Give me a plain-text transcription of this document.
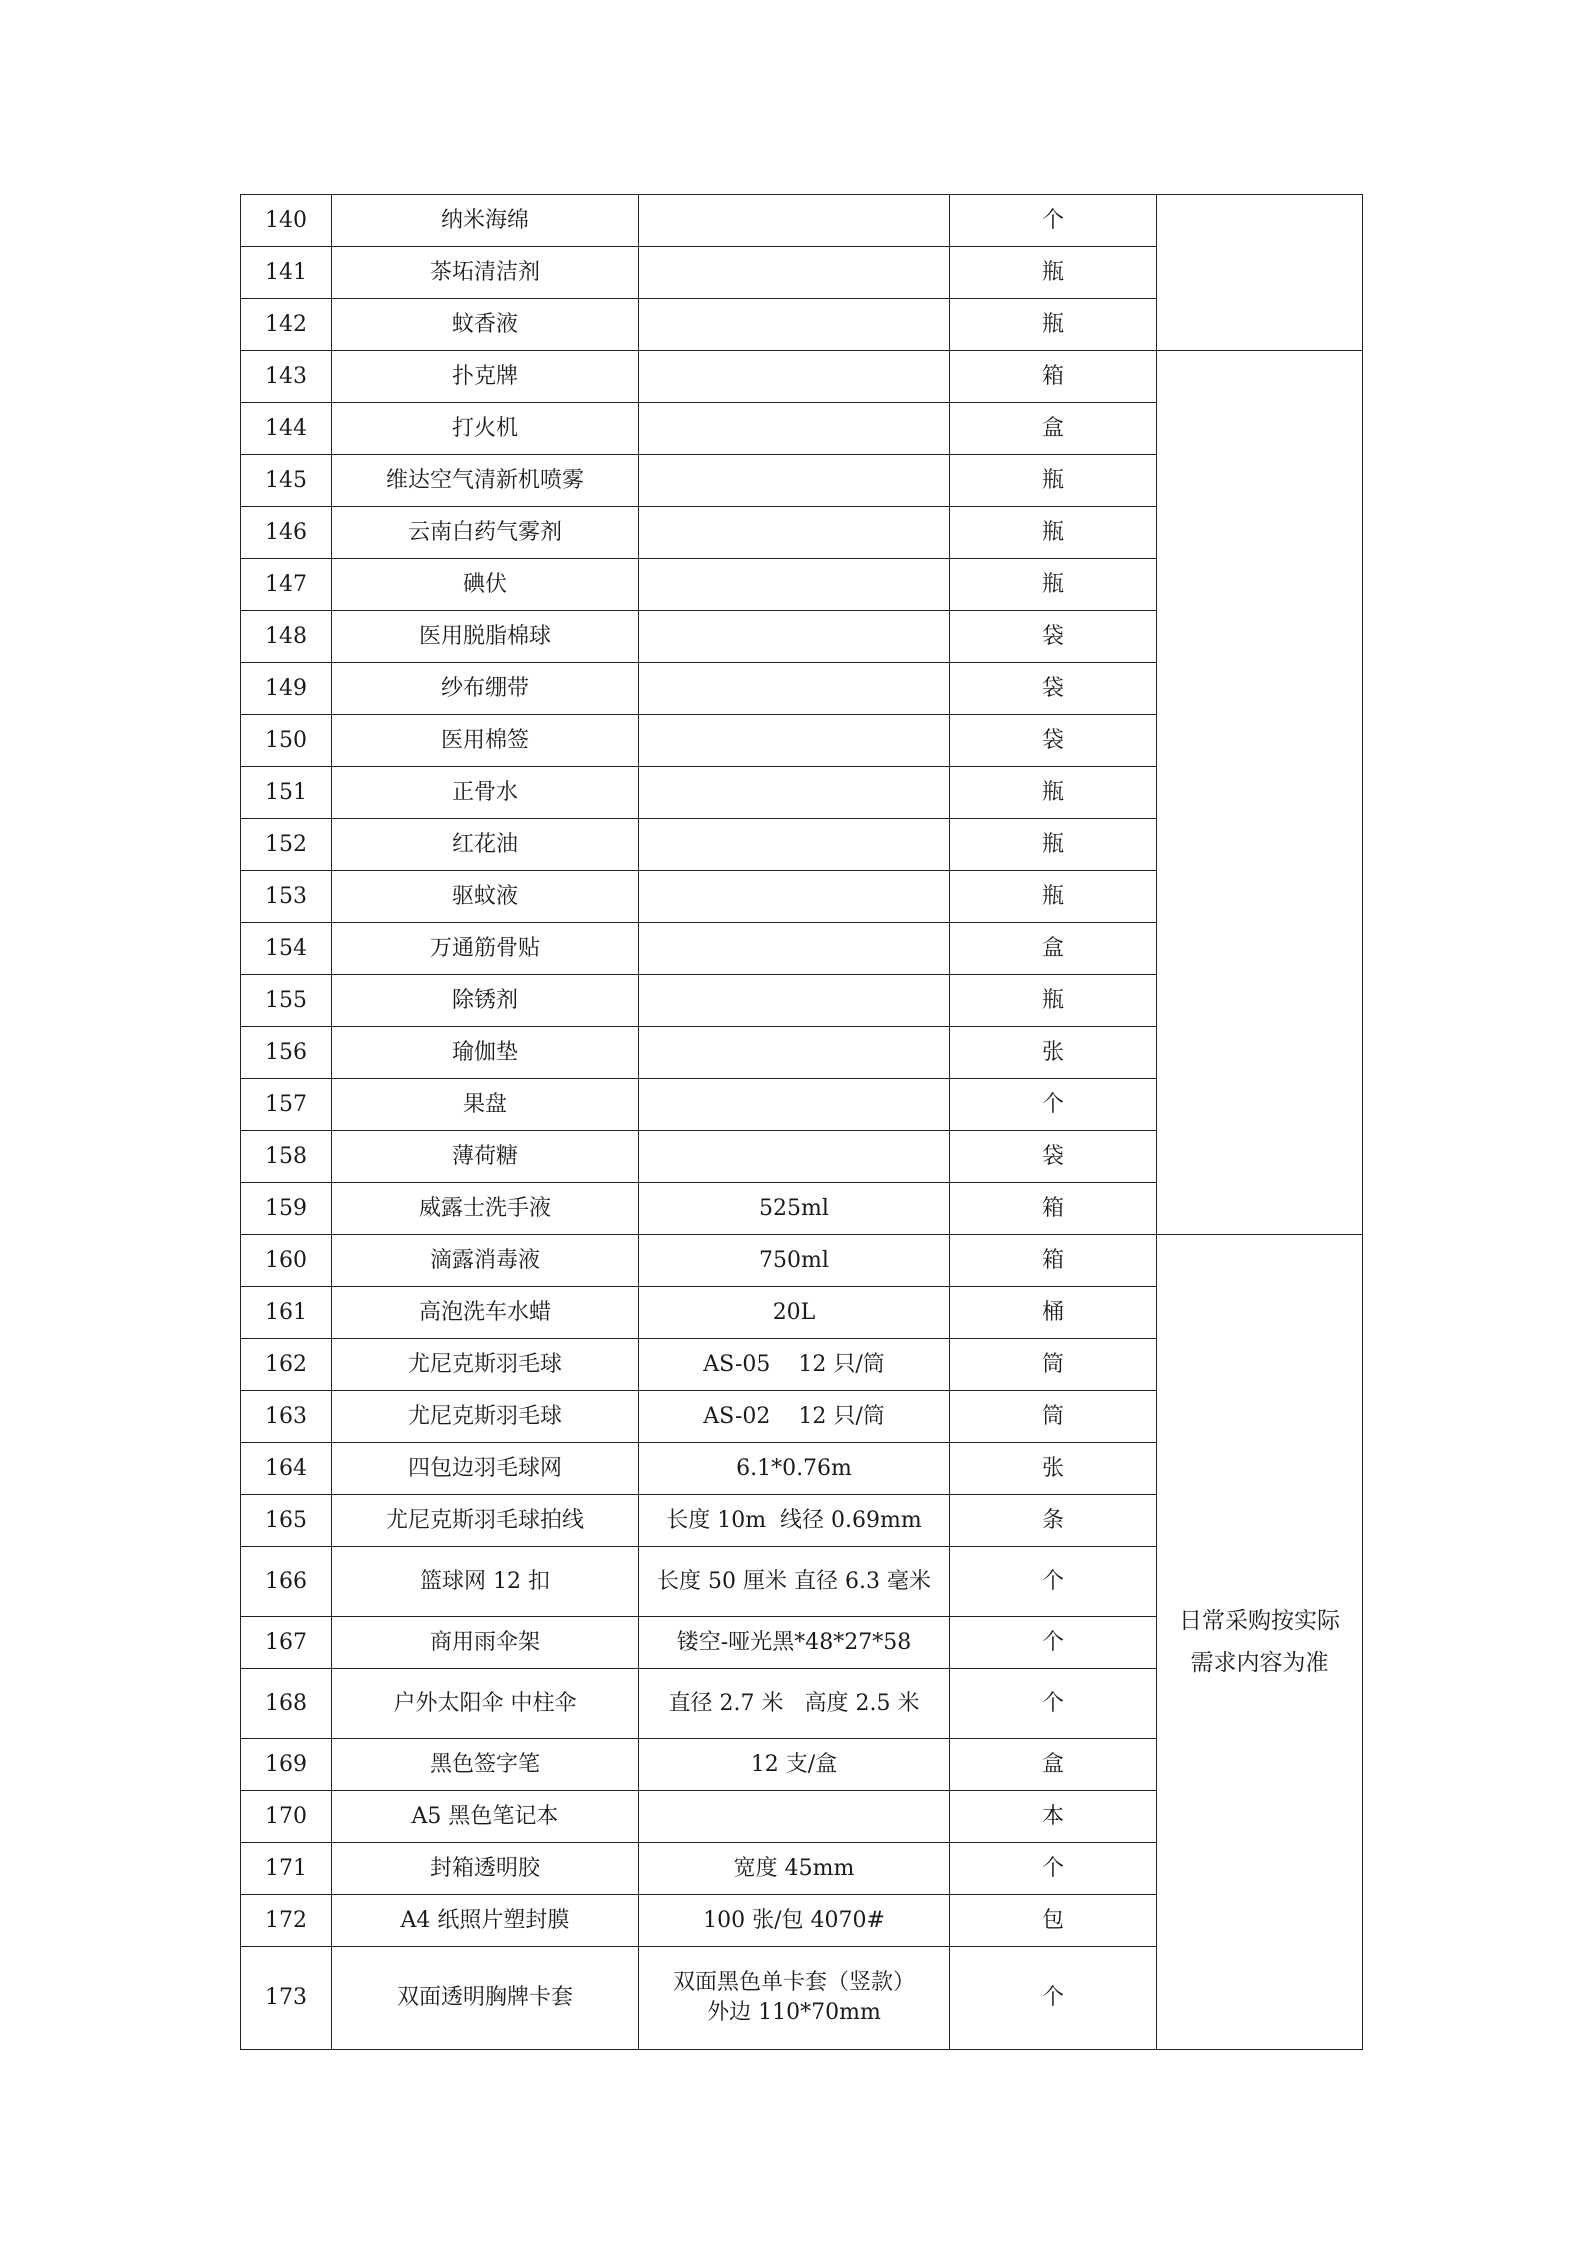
140	纳米海绵		个	
141	茶坧清洁剂		瓶	
142	蚊香液		瓶	
143	扑克牌		箱	
144	打火机		盒	
145	维达空气清新机喷雾		瓶	
146	云南白药气雾剂		瓶	
147	碘伏		瓶	
148	医用脱脂棉球		袋	
149	纱布绷带		袋	
150	医用棉签		袋	
151	正骨水		瓶	
152	红花油		瓶	
153	驱蚊液		瓶	
154	万通筋骨贴		盒	
155	除锈剂		瓶	
156	瑜伽垫		张	
157	果盘		个	
158	薄荷糖		袋	
159	威露士洗手液	525ml	箱	
160	滴露消毒液	750ml	箱	日常采购按实际需求内容为准
161	高泡洗车水蜡	20L	桶	
162	尤尼克斯羽毛球	AS-05    12 只/筒	筒	
163	尤尼克斯羽毛球	AS-02    12 只/筒	筒	
164	四包边羽毛球网	6.1*0.76m	张	
165	尤尼克斯羽毛球拍线	长度 10m  线径 0.69mm	条	
166	篮球网 12 扣	长度 50 厘米 直径 6.3 毫米	个	
167	商用雨伞架	镂空-哑光黑*48*27*58	个	
168	户外太阳伞 中柱伞	直径 2.7 米   高度 2.5 米	个	
169	黑色签字笔	12 支/盒	盒	
170	A5 黑色笔记本		本	
171	封箱透明胶	宽度 45mm	个	
172	A4 纸照片塑封膜	100 张/包 4070#	包	
173	双面透明胸牌卡套	双面黑色单卡套（竖款）
外边 110*70mm	个	
